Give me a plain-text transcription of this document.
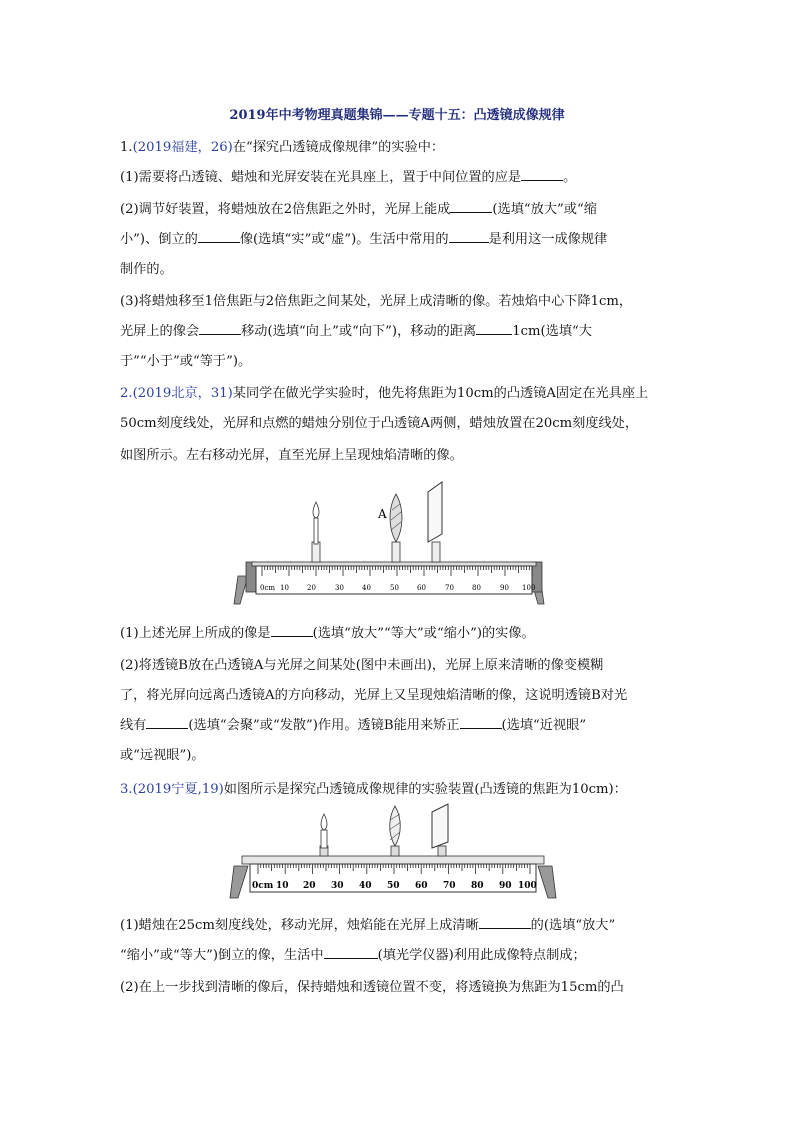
2019年中考物理真题集锦——专题十五：凸透镜成像规律
1.(2019福建，26)在“探究凸透镜成像规律”的实验中：
(1)需要将凸透镜、蜡烛和光屏安装在光具座上，置于中间位置的应是	。
(2)调节好装置，将蜡烛放在2倍焦距之外时，光屏上能成	(选填“放大”或“缩
小”)、倒立的	像(选填“实”或“虚”)。生活中常用的	是利用这一成像规律
制作的。
(3)将蜡烛移至1倍焦距与2倍焦距之间某处，光屏上成清晰的像。若烛焰中心下降1cm，
光屏上的像会	移动(选填“向上”或“向下”)，移动的距离	1cm(选填“大
于”“小于”或“等于”)。
2.(2019北京，31)某同学在做光学实验时，他先将焦距为10cm的凸透镜A固定在光具座上
50cm刻度线处，光屏和点燃的蜡烛分别位于凸透镜A两侧，蜡烛放置在20cm刻度线处，
如图所示。左右移动光屏，直至光屏上呈现烛焰清晰的像。
0cm 10	20	30	40	50	60	70	80	90 100
A
(1)上述光屏上所成的像是	(选填“放大”“等大”或“缩小”)的实像。
(2)将透镜B放在凸透镜A与光屏之间某处(图中未画出)，光屏上原来清晰的像变模糊
了，将光屏向远离凸透镜A的方向移动，光屏上又呈现烛焰清晰的像，这说明透镜B对光
线有	(选填“会聚”或“发散”)作用。透镜B能用来矫正	(选填“近视眼”
或“远视眼”)。
3.(2019宁夏,19)如图所示是探究凸透镜成像规律的实验装置(凸透镜的焦距为10cm)：
0cm 10 20 30 40 50 60 70 80 90 100
(1)蜡烛在25cm刻度线处，移动光屏，烛焰能在光屏上成清晰	的(选填“放大”
“缩小”或“等大”)倒立的像，生活中	(填光学仪器)利用此成像特点制成；
(2)在上一步找到清晰的像后，保持蜡烛和透镜位置不变，将透镜换为焦距为15cm的凸
